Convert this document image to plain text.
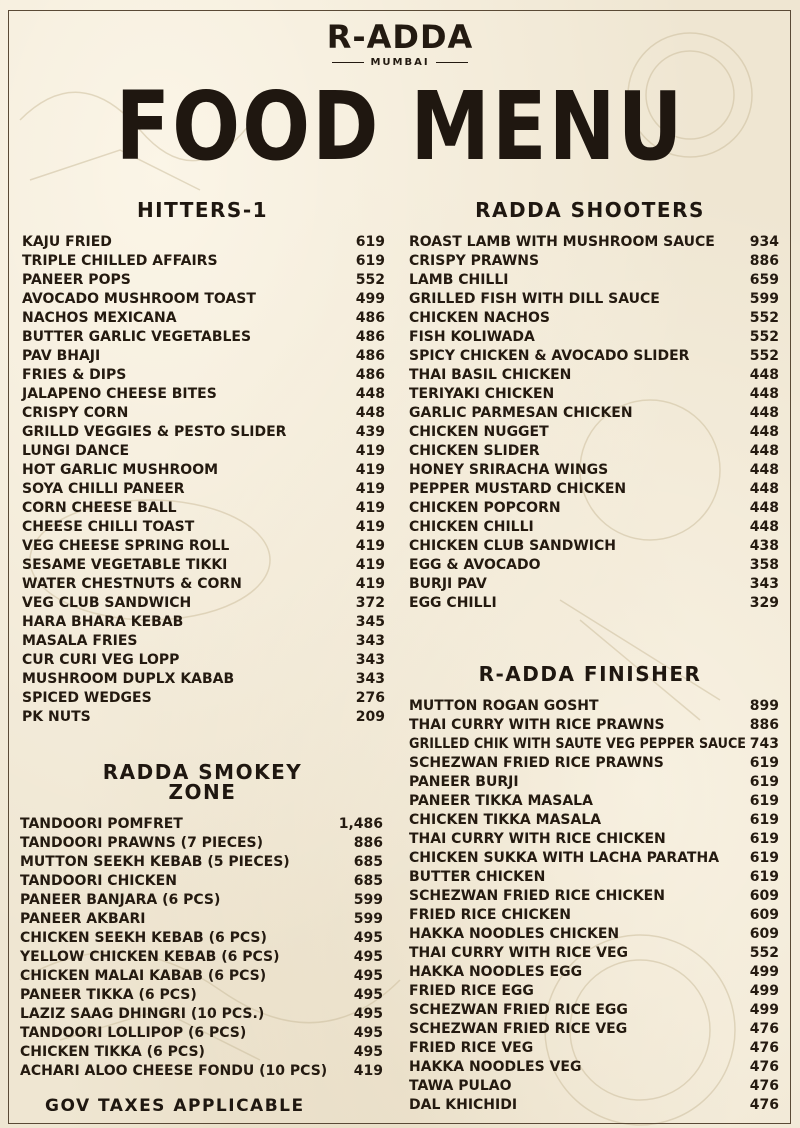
R-ADDA
MUMBAI
FOOD MENU
HITTERS-1
KAJU FRIED	619
TRIPLE CHILLED AFFAIRS	619
PANEER POPS	552
AVOCADO MUSHROOM TOAST	499
NACHOS MEXICANA	486
BUTTER GARLIC VEGETABLES	486
PAV BHAJI	486
FRIES & DIPS	486
JALAPENO CHEESE BITES	448
CRISPY CORN	448
GRILLD VEGGIES & PESTO SLIDER	439
LUNGI DANCE	419
HOT GARLIC MUSHROOM	419
SOYA CHILLI PANEER	419
CORN CHEESE BALL	419
CHEESE CHILLI TOAST	419
VEG CHEESE SPRING ROLL	419
SESAME VEGETABLE TIKKI	419
WATER CHESTNUTS & CORN	419
VEG CLUB SANDWICH	372
HARA BHARA KEBAB	345
MASALA FRIES	343
CUR CURI VEG LOPP	343
MUSHROOM DUPLX KABAB	343
SPICED WEDGES	276
PK NUTS	209
RADDA SMOKEY
ZONE
TANDOORI POMFRET	1,486
TANDOORI PRAWNS (7 PIECES)	886
MUTTON SEEKH KEBAB (5 PIECES)	685
TANDOORI CHICKEN	685
PANEER BANJARA (6 PCS)	599
PANEER AKBARI	599
CHICKEN SEEKH KEBAB (6 PCS)	495
YELLOW CHICKEN KEBAB (6 PCS)	495
CHICKEN MALAI KABAB (6 PCS)	495
PANEER TIKKA (6 PCS)	495
LAZIZ SAAG DHINGRI (10 PCS.)	495
TANDOORI LOLLIPOP (6 PCS)	495
CHICKEN TIKKA (6 PCS)	495
ACHARI ALOO CHEESE FONDU (10 PCS) 419
RADDA SHOOTERS
ROAST LAMB WITH MUSHROOM SAUCE 934
CRISPY PRAWNS	886
LAMB CHILLI	659
GRILLED FISH WITH DILL SAUCE	599
CHICKEN NACHOS	552
FISH KOLIWADA	552
SPICY CHICKEN & AVOCADO SLIDER	552
THAI BASIL CHICKEN	448
TERIYAKI CHICKEN	448
GARLIC PARMESAN CHICKEN	448
CHICKEN NUGGET	448
CHICKEN SLIDER	448
HONEY SRIRACHA WINGS	448
PEPPER MUSTARD CHICKEN	448
CHICKEN POPCORN	448
CHICKEN CHILLI	448
CHICKEN CLUB SANDWICH	438
EGG & AVOCADO	358
BURJI PAV	343
EGG CHILLI	329
R-ADDA FINISHER
MUTTON ROGAN GOSHT	899
THAI CURRY WITH RICE PRAWNS	886
GRILLED CHIK WITH SAUTE VEG PEPPER SAUCE 743
SCHEZWAN FRIED RICE PRAWNS	619
PANEER BURJI	619
PANEER TIKKA MASALA	619
CHICKEN TIKKA MASALA	619
THAI CURRY WITH RICE CHICKEN	619
CHICKEN SUKKA WITH LACHA PARATHA 619
BUTTER CHICKEN	619
SCHEZWAN FRIED RICE CHICKEN	609
FRIED RICE CHICKEN	609
HAKKA NOODLES CHICKEN	609
THAI CURRY WITH RICE VEG	552
HAKKA NOODLES EGG	499
FRIED RICE EGG	499
SCHEZWAN FRIED RICE EGG	499
SCHEZWAN FRIED RICE VEG	476
FRIED RICE VEG	476
HAKKA NOODLES VEG	476
TAWA PULAO	476
DAL KHICHIDI	476
GOV TAXES APPLICABLE
